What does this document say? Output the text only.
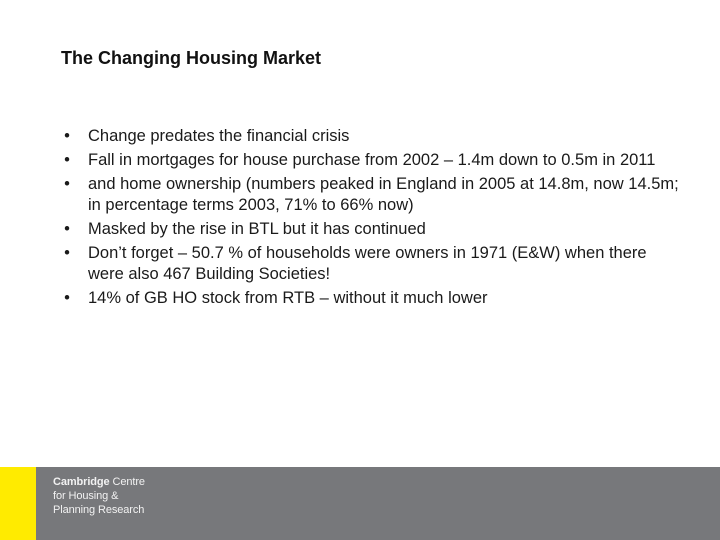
The Changing Housing Market
• Change predates the financial crisis
• Fall in mortgages for house purchase from 2002 – 1.4m down to 0.5m in 2011
• and home ownership (numbers peaked in England in 2005 at 14.8m, now 14.5m; in percentage terms 2003, 71% to 66% now)
• Masked by the rise in BTL but it has continued
• Don’t forget – 50.7 % of households were owners in 1971 (E&W) when there were also 467 Building Societies!
• 14% of GB HO stock from RTB – without it much lower
Cambridge Centre
for Housing &
Planning Research
